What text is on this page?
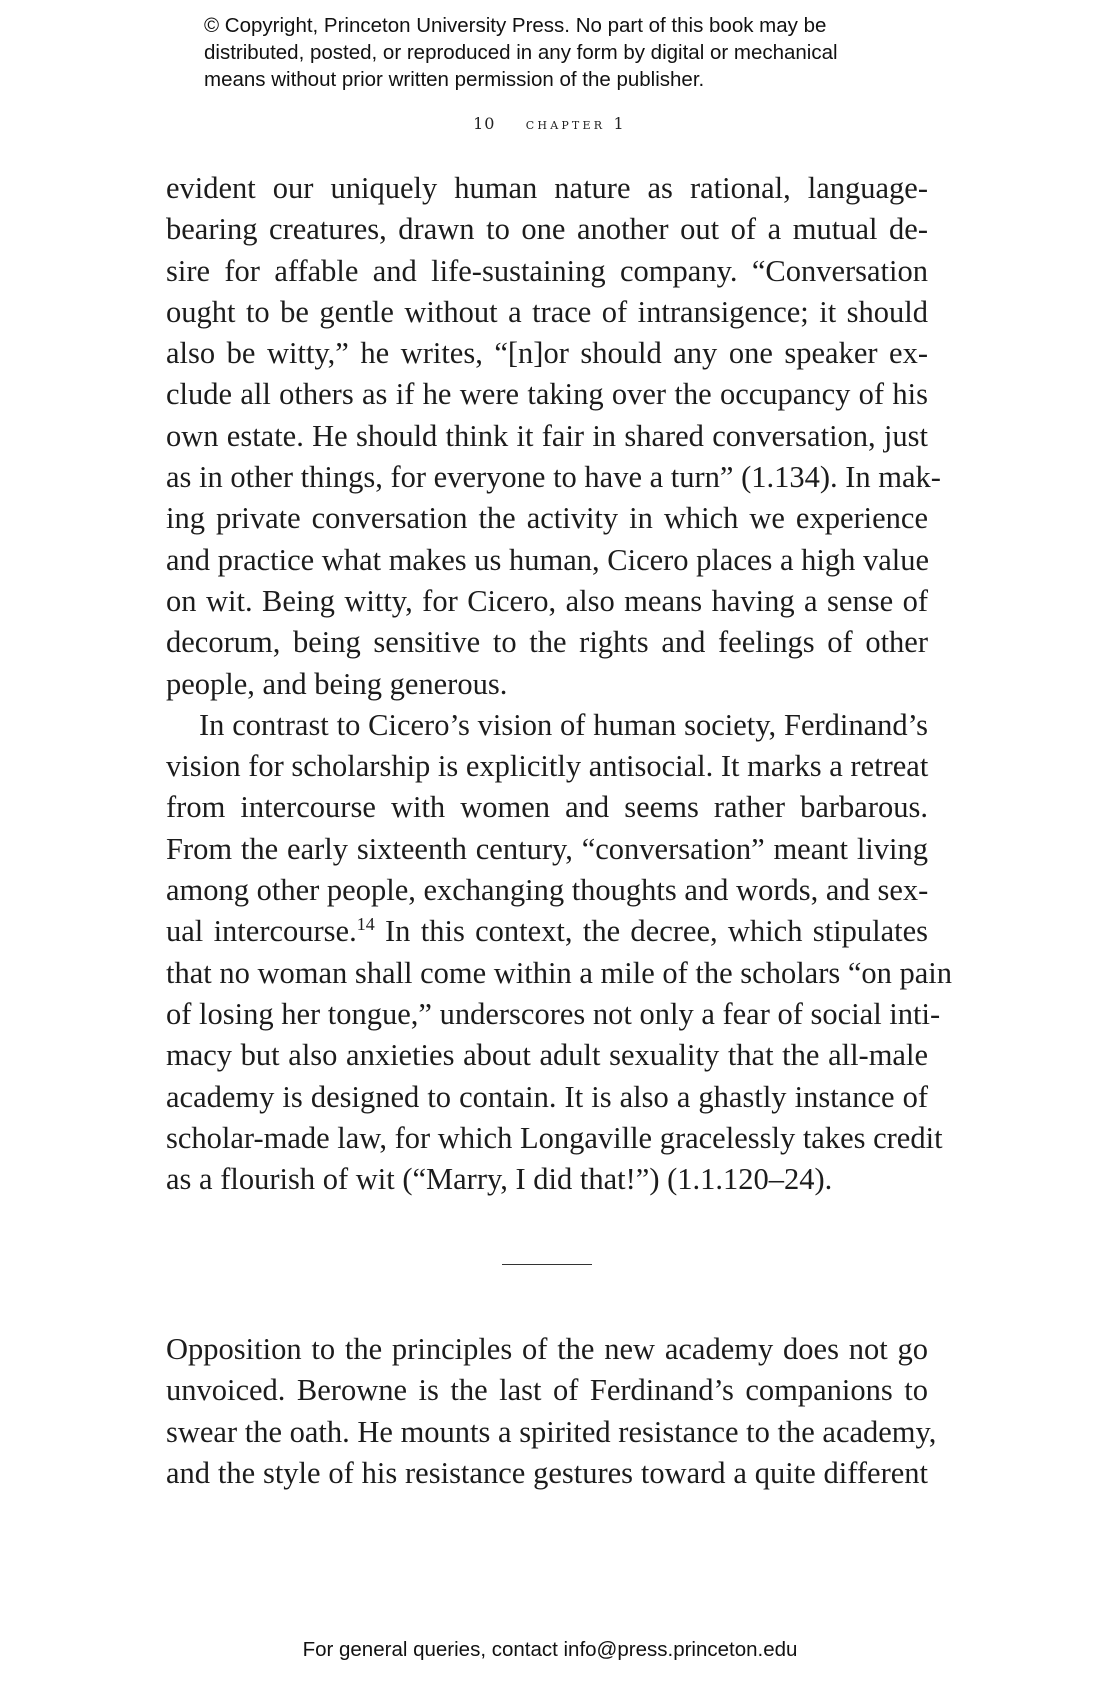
© Copyright, Princeton University Press. No part of this book may be
distributed, posted, or reproduced in any form by digital or mechanical
means without prior written permission of the publisher.
10 chapter 1
evident our uniquely human nature as rational, language-
bearing creatures, drawn to one another out of a mutual de-
sire for affable and life-sustaining company. “Conversation
ought to be gentle without a trace of intransigence; it should
also be witty,” he writes, “[n]or should any one speaker ex-
clude all others as if he were taking over the occupancy of his
own estate. He should think it fair in shared conversation, just
as in other things, for everyone to have a turn” (1.134). In mak-
ing private conversation the activity in which we experience
and practice what makes us human, Cicero places a high value
on wit. Being witty, for Cicero, also means having a sense of
decorum, being sensitive to the rights and feelings of other
people, and being generous.
In contrast to Cicero’s vision of human society, Ferdinand’s
vision for scholarship is explicitly antisocial. It marks a retreat
from intercourse with women and seems rather barbarous.
From the early sixteenth century, “conversation” meant living
among other people, exchanging thoughts and words, and sex-
ual intercourse.$^{14}$ In this context, the decree, which stipulates
that no woman shall come within a mile of the scholars “on pain
of losing her tongue,” underscores not only a fear of social inti-
macy but also anxieties about adult sexuality that the all-male
academy is designed to contain. It is also a ghastly instance of
scholar-made law, for which Longaville gracelessly takes credit
as a flourish of wit (“Marry, I did that!”) (1.1.120–24).
Opposition to the principles of the new academy does not go
unvoiced. Berowne is the last of Ferdinand’s companions to
swear the oath. He mounts a spirited resistance to the academy,
and the style of his resistance gestures toward a quite different
For general queries, contact info@press.princeton.edu
